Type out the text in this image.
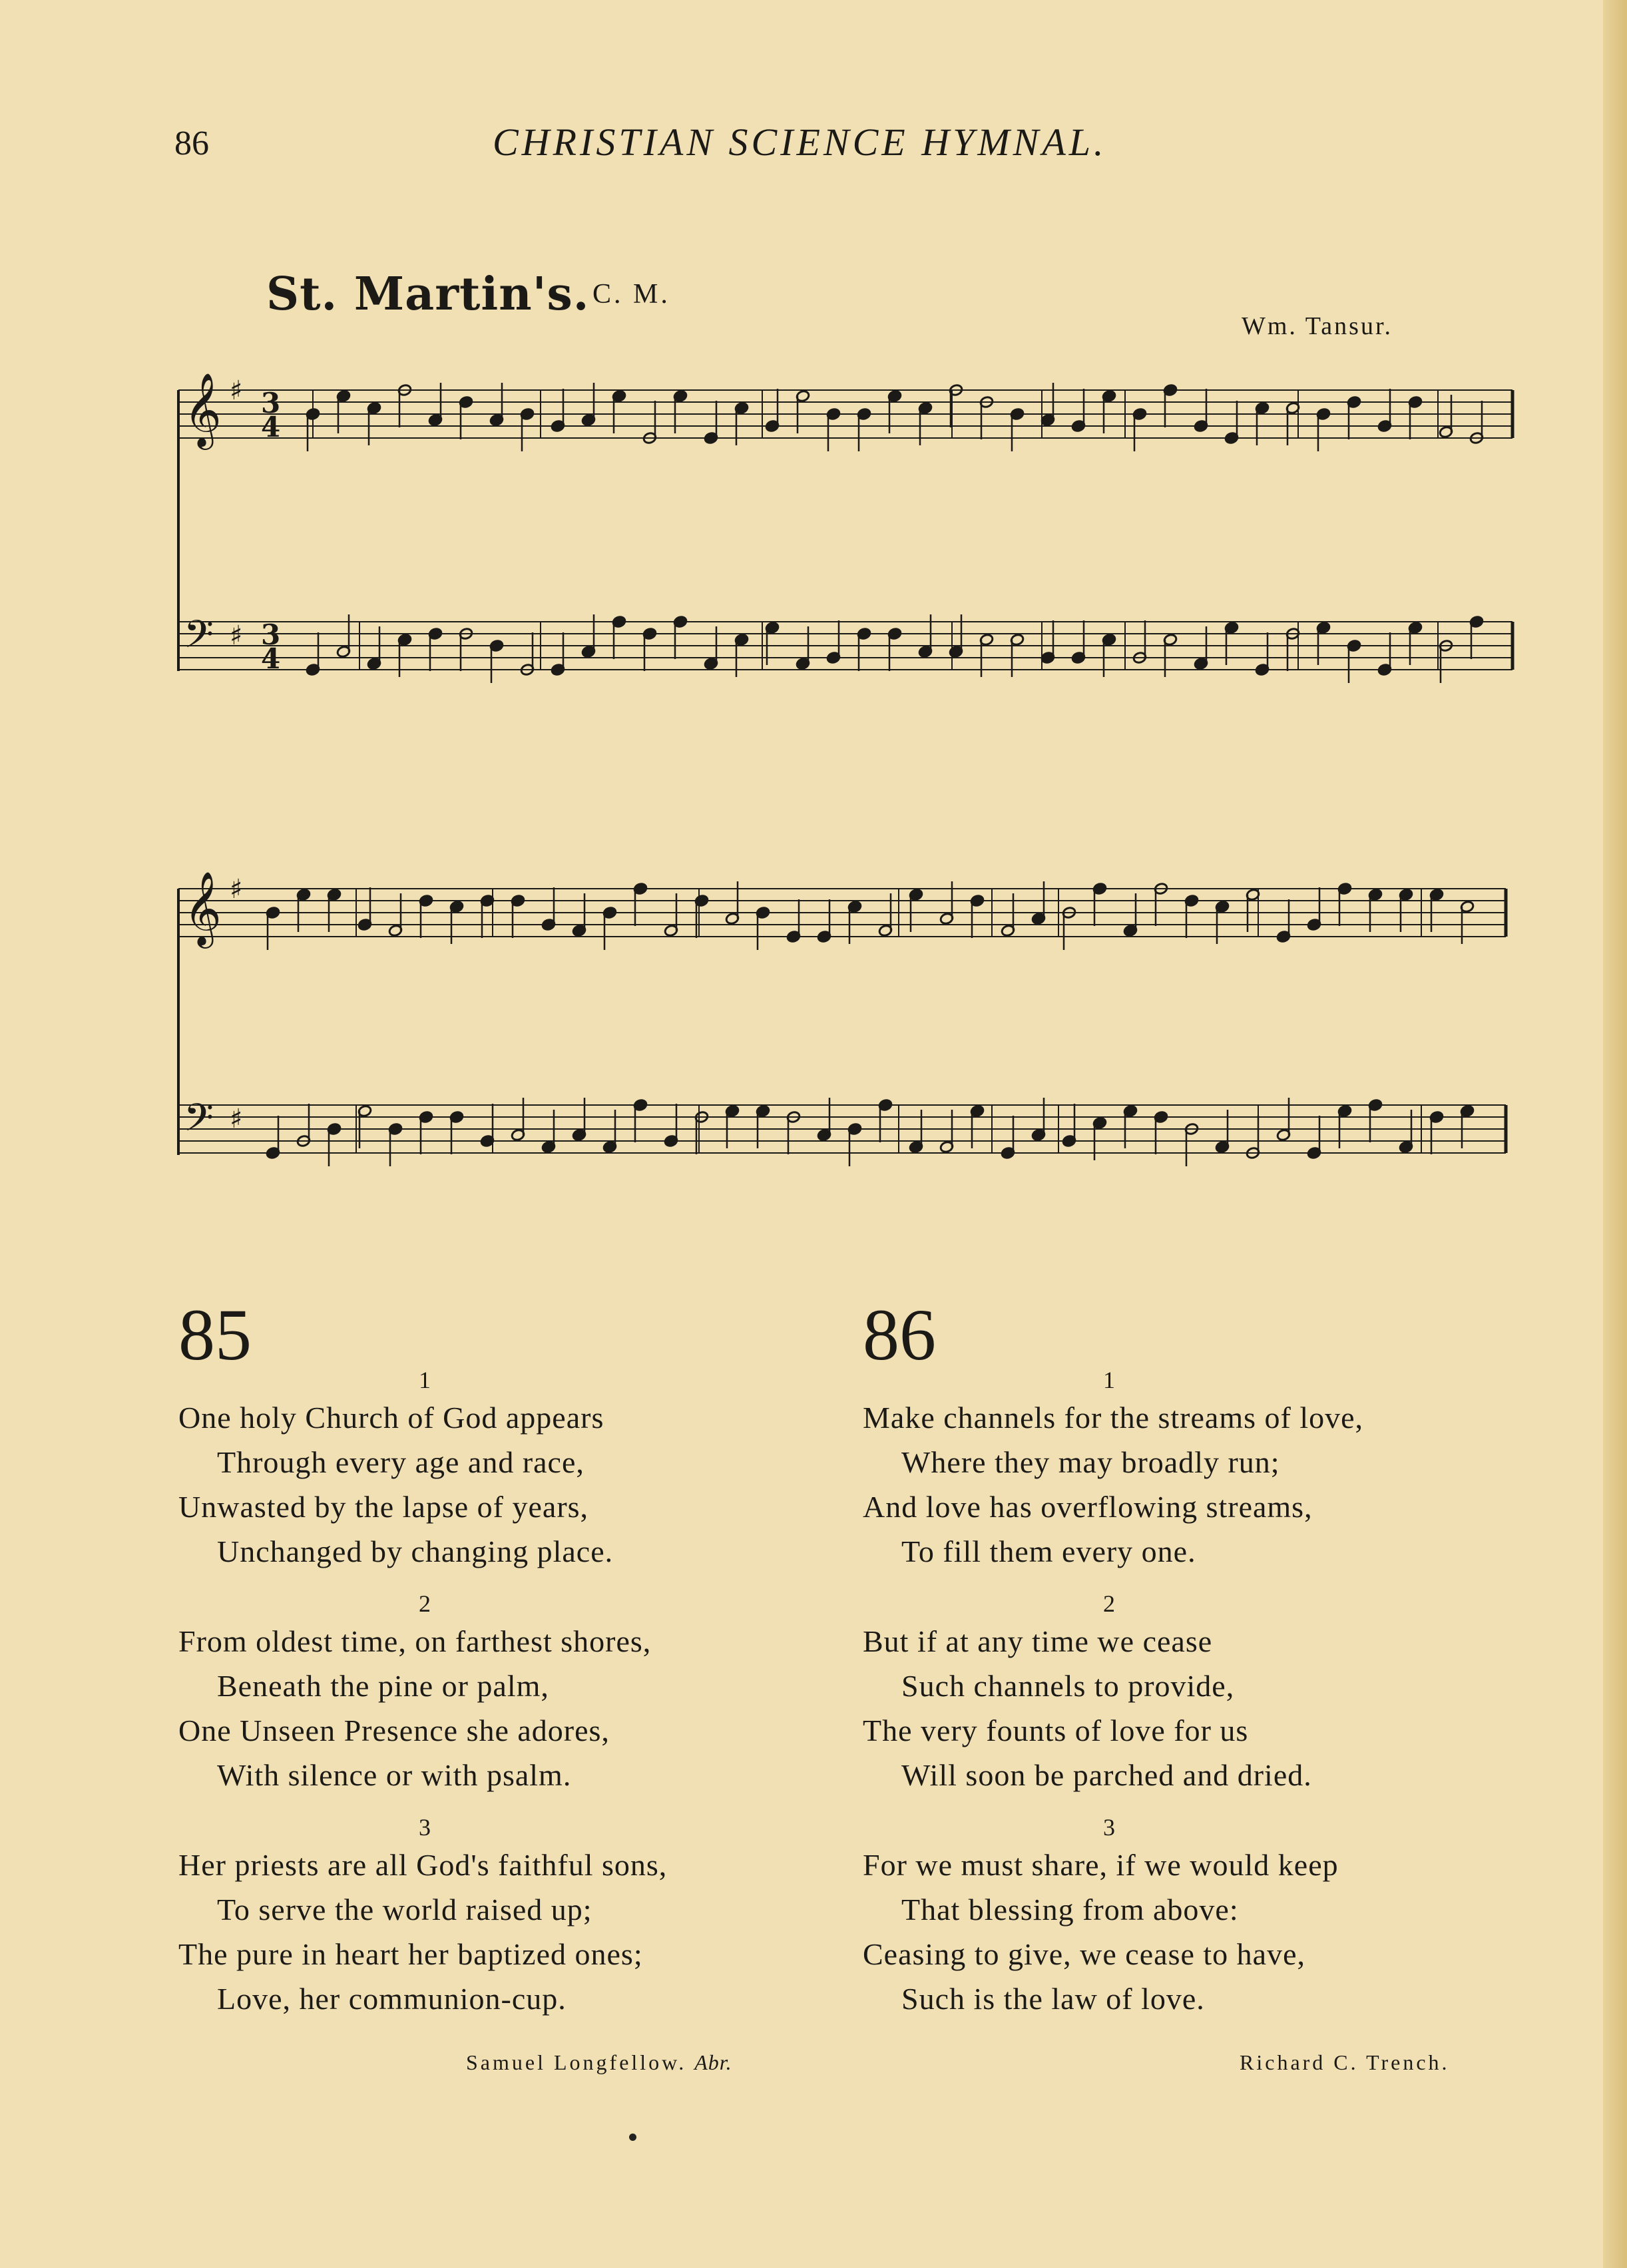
86	CHRISTIAN SCIENCE HYMNAL.
St. Martin's. C. M.
Wm. Tansur.
𝄞 ♯ 3
4
𝄢 ♯ 3
4
𝄞 ♯
𝄢 ♯
85
1
One holy Church of God appears
Through every age and race,
Unwasted by the lapse of years,
Unchanged by changing place.
2
From oldest time, on farthest shores,
Beneath the pine or palm,
One Unseen Presence she adores,
With silence or with psalm.
3
Her priests are all God's faithful sons,
To serve the world raised up;
The pure in heart her baptized ones;
Love, her communion-cup.
Samuel Longfellow. Abr.
86
1
Make channels for the streams of love,
Where they may broadly run;
And love has overflowing streams,
To fill them every one.
2
But if at any time we cease
Such channels to provide,
The very founts of love for us
Will soon be parched and dried.
3
For we must share, if we would keep
That blessing from above:
Ceasing to give, we cease to have,
Such is the law of love.
Richard C. Trench.
